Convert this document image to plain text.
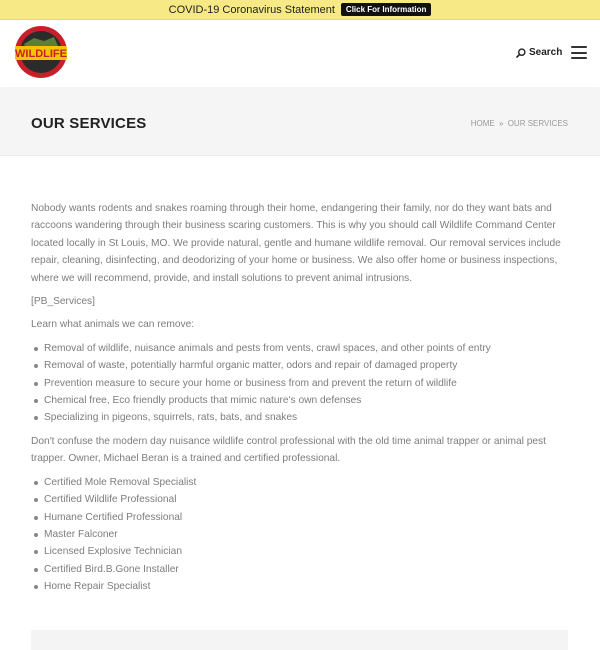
COVID-19 Coronavirus Statement	Click For Information
WILDLIFE	Search
OUR SERVICES	HOME » OUR SERVICES

Nobody wants rodents and snakes roaming through their home, endangering their family, nor do they want bats and raccoons wandering through their business scaring customers. This is why you should call Wildlife Command Center located locally in St Louis, MO. We provide natural, gentle and humane wildlife removal. Our removal services include repair, cleaning, disinfecting, and deodorizing of your home or business. We also offer home or business inspections, where we will recommend, provide, and install solutions to prevent animal intrusions.

[PB_Services]

Learn what animals we can remove:

Removal of wildlife, nuisance animals and pests from vents, crawl spaces, and other points of entry
Removal of waste, potentially harmful organic matter, odors and repair of damaged property
Prevention measure to secure your home or business from and prevent the return of wildlife
Chemical free, Eco friendly products that mimic nature's own defenses
Specializing in pigeons, squirrels, rats, bats, and snakes

Don't confuse the modern day nuisance wildlife control professional with the old time animal trapper or animal pest trapper. Owner, Michael Beran is a trained and certified professional.

Certified Mole Removal Specialist
Certified Wildlife Professional
Humane Certified Professional
Master Falconer
Licensed Explosive Technician
Certified Bird.B.Gone Installer
Home Repair Specialist
